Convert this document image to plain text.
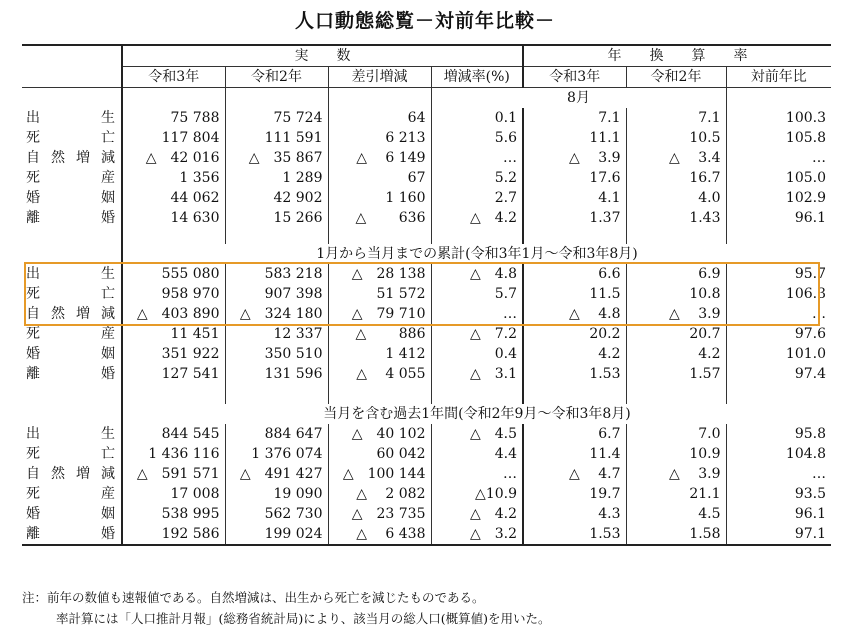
人口動態総覧－対前年比較－
	実　　数				年　　換　　算　　率		
	令和3年	令和2年	差引増減	増減率(%)	令和3年	令和2年	対前年比
				8月			

出 生	75 788	75 724	64	0.1	7.1	7.1	100.3

死 亡	117 804	111 591	6 213	5.6	11.1	10.5	105.8

自 然 増 減	△　42 016	△　35 867	△　 6 149	…	△　 3.9	△　 3.4	…

死 産	1 356	1 289	67	5.2	17.6	16.7	105.0

婚 姻	44 062	42 902	1 160	2.7	4.1	4.0	102.9

離 婚	14 630	15 266	△　　 636	△　4.2	1.37	1.43	96.1

	1月から当月までの累計(令和3年1月～令和3年8月)						

出 生	555 080	583 218	△　28 138	△　4.8	6.6	6.9	95.7

死 亡	958 970	907 398	51 572	5.7	11.5	10.8	106.3

自 然 増 減	△　403 890	△　324 180	△　79 710	…	△　 4.8	△　 3.9	…

死 産	11 451	12 337	△　　 886	△　7.2	20.2	20.7	97.6

婚 姻	351 922	350 510	1 412	0.4	4.2	4.2	101.0

離 婚	127 541	131 596	△　 4 055	△　3.1	1.53	1.57	97.4

	当月を含む過去1年間(令和2年9月～令和3年8月)						

出 生	844 545	884 647	△　40 102	△　4.5	6.7	7.0	95.8

死 亡	1 436 116	1 376 074	60 042	4.4	11.4	10.9	104.8

自 然 増 減	△　591 571	△　491 427	△　100 144	…	△　 4.7	△　 3.9	…

死 産	17 008	19 090	△　 2 082	△10.9	19.7	21.1	93.5

婚 姻	538 995	562 730	△　23 735	△　4.2	4.3	4.5	96.1

離 婚	192 586	199 024	△　 6 438	△　3.2	1.53	1.58	97.1
注：前年の数値も速報値である。自然増減は、出生から死亡を減じたものである。
率計算には「人口推計月報」(総務省統計局)により、該当月の総人口(概算値)を用いた。
